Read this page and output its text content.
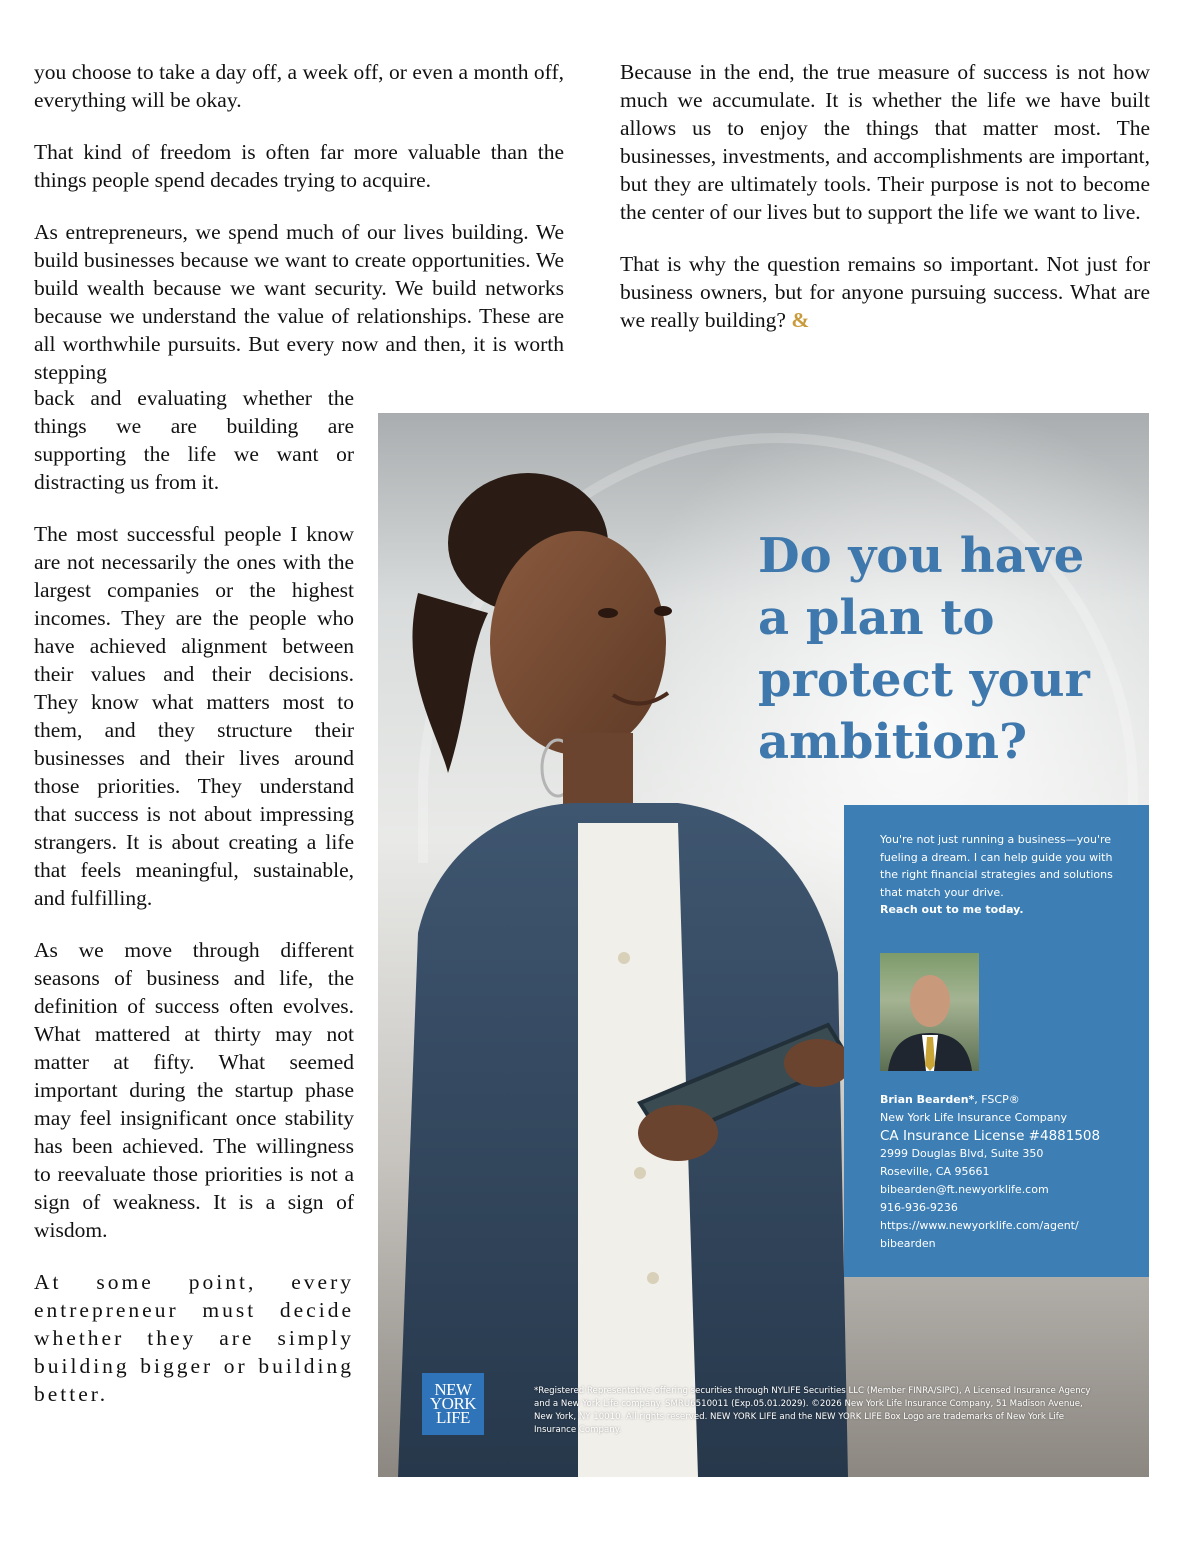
you choose to take a day off, a week off, or even a month off, everything will be okay.

That kind of freedom is often far more valuable than the things people spend decades trying to acquire.

As entrepreneurs, we spend much of our lives building. We build businesses because we want to create opportunities. We build wealth because we want security. We build networks because we understand the value of relationships. These are all worthwhile pursuits. But every now and then, it is worth stepping

back and evaluating whether the things we are building are supporting the life we want or distracting us from it.

The most successful people I know are not necessarily the ones with the largest companies or the highest incomes. They are the people who have achieved alignment between their values and their decisions. They know what matters most to them, and they structure their businesses and their lives around those priorities. They understand that success is not about impressing strangers. It is about creating a life that feels meaningful, sustainable, and fulfilling.

As we move through different seasons of business and life, the definition of success often evolves. What mattered at thirty may not matter at fifty. What seemed important during the startup phase may feel insignificant once stability has been achieved. The willingness to reevaluate those priorities is not a sign of weakness. It is a sign of wisdom.

At some point, every entrepreneur must decide whether they are simply building bigger or building better.

Because in the end, the true measure of success is not how much we accumulate. It is whether the life we have built allows us to enjoy the things that matter most. The businesses, investments, and accomplishments are important, but they are ultimately tools. Their purpose is not to become the center of our lives but to support the life we want to live.

That is why the question remains so important. Not just for business owners, but for anyone pursuing success. What are we really building? &

Do you have a plan to protect your ambition?

You're not just running a business—you're fueling a dream. I can help guide you with the right financial strategies and solutions that match your drive.
Reach out to me today.

Brian Bearden*, FSCP®
New York Life Insurance Company
CA Insurance License #4881508
2999 Douglas Blvd, Suite 350
Roseville, CA 95661
bibearden@ft.newyorklife.com
916-936-9236
https://www.newyorklife.com/agent/
bibearden
NEW
YORK
LIFE

*Registered Representative offering securities through NYLIFE Securities LLC (Member FINRA/SIPC), A Licensed Insurance Agency and a New York Life company. SMRU6510011 (Exp.05.01.2029). ©2026 New York Life Insurance Company, 51 Madison Avenue, New York, NY 10010. All rights reserved. NEW YORK LIFE and the NEW YORK LIFE Box Logo are trademarks of New York Life Insurance Company.
